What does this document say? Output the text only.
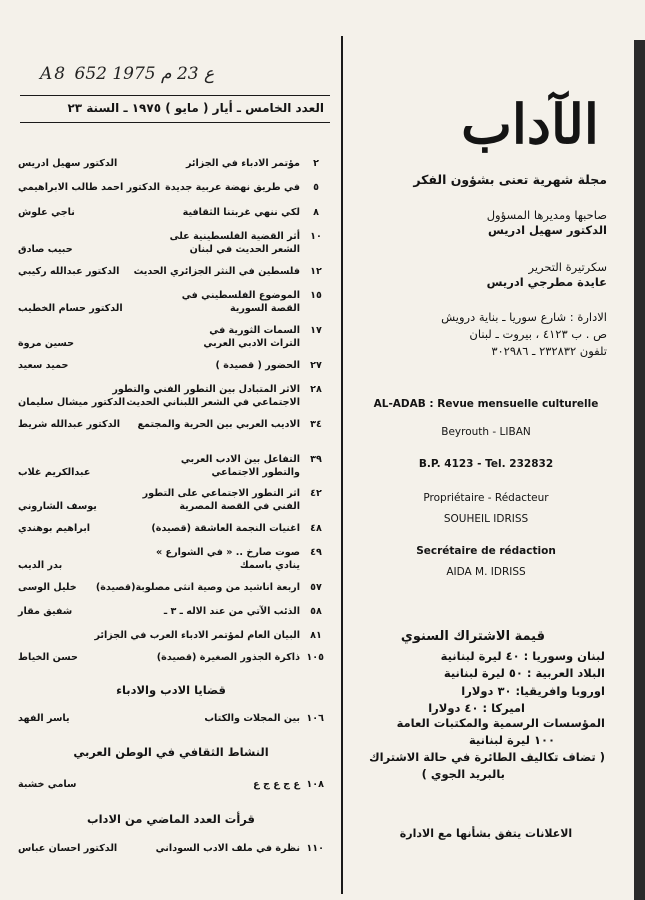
A8 ع 23 م 1975 652
العدد الخامس ـ أيار ( مايو ) ١٩٧٥ ـ السنة ٢٣
٢
مؤتمر الادباء في الجزائر
الدكتور سهيل ادريس
٥
في طريق نهضة عربية جديدة
الدكتور احمد طالب الابراهيمي
٨
لكي ننهي غربتنا الثقافية
ناجي علوش
١٠
أثر القضية الفلسطينية على
الشعر الحديث في لبنان
حبيب صادق
١٢
فلسطين في النثر الجزائري الحديث
الدكتور عبدالله ركيبي
١٥
الموضوع الفلسطيني في
القصة السورية
الدكتور حسام الخطيب
١٧
السمات الثورية في
التراث الادبي العربي
حسين مروة
٢٧
الحضور ( قصيدة )
حميد سعيد
٢٨
الاثر المتبادل بين التطور الفني والتطور
الاجتماعي في الشعر اللبناني الحديث
الدكتور ميشال سليمان
٣٤
الاديب العربي بين الحرية والمجتمع
الدكتور عبدالله شريط
٣٩
التفاعل بين الادب العربي
والتطور الاجتماعي
عبدالكريم غلاب
٤٢
اثر التطور الاجتماعي على التطور
الفني في القصة المصرية
يوسف الشاروني
٤٨
اغنيات النجمة العاشقة (قصيدة)
ابراهيم بوهندي
٤٩
صوت صارخ .. « في الشوارع »
ينادي باسمك
بدر الديب
٥٧
اربعة اناشيد من وصية انثى مصلوبة(قصيدة)
خليل الوسى
٥٨
الذئب الآتي من عند الاله ـ ٣ ـ
شفيق مقار
٨١
البيان العام لمؤتمر الادباء العرب في الجزائر
١٠٥
ذاكرة الجذور الصغيرة (قصيدة)
حسن الخياط
قضايا الادب والادباء
١٠٦
بين المجلات والكتاب
ياسر الفهد
النشاط الثقافي في الوطن العربي
١٠٨
ع ج ع ج ع
سامي خشبة
قرأت العدد الماضي من الاداب
١١٠
نظرة في ملف الادب السوداني
الدكتور احسان عباس
الآداب
مجلة شهرية تعنى بشؤون الفكر
صاحبها ومديرها المسؤول
الدكتور سهيل ادريس
سكرتيرة التحرير
عايدة مطرجي ادريس
الادارة : شارع سوريا ـ بناية درويش
ص . ب ٤١٢٣ ، بيروت ـ لبنان
تلفون ٢٣٢٨٣٢ ـ ٣٠٢٩٨٦
AL-ADAB : Revue mensuelle culturelle
Beyrouth - LIBAN
B.P. 4123 - Tel. 232832
Propriétaire - Rédacteur
SOUHEIL IDRISS
Secrétaire de rédaction
AIDA M. IDRISS
قيمة الاشتراك السنوي
لبنان وسوريا : ٤٠ ليرة لبنانية
البلاد العربية : ٥٠ ليرة لبنانية
اوروبا وافريقيا: ٣٠ دولارا
اميركا : ٤٠ دولارا
المؤسسات الرسمية والمكتبات العامة
١٠٠ ليرة لبنانية
( تضاف تكاليف الطائرة في حالة الاشتراك
بالبريد الجوي )
الاعلانات يتفق بشأنها مع الادارة
